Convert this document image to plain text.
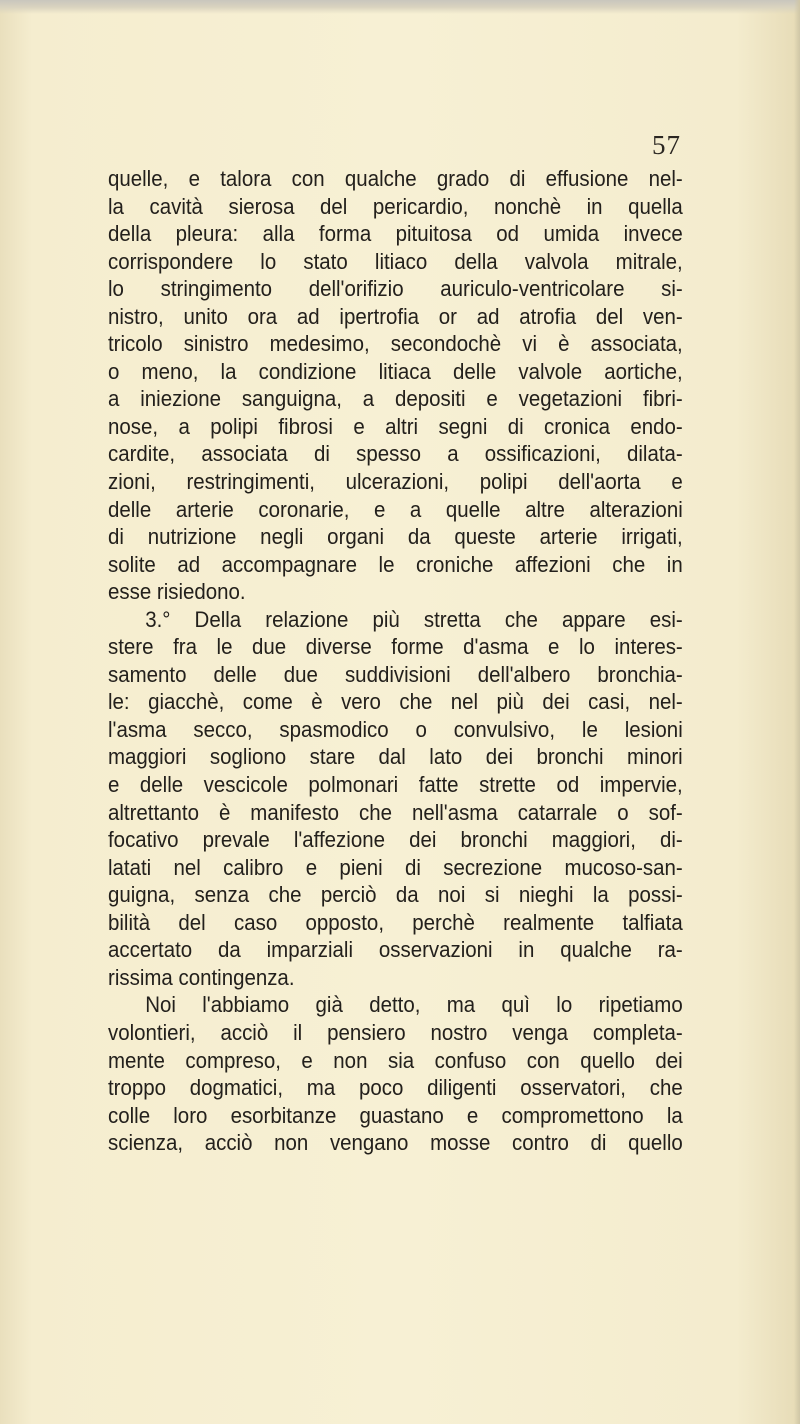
57
quelle, e talora con qualche grado di effusione nel-
la cavità sierosa del pericardio, nonchè in quella
della pleura: alla forma pituitosa od umida invece
corrispondere lo stato litiaco della valvola mitrale,
lo stringimento dell'orifizio auriculo-ventricolare si-
nistro, unito ora ad ipertrofia or ad atrofia del ven-
tricolo sinistro medesimo, secondochè vi è associata,
o meno, la condizione litiaca delle valvole aortiche,
a iniezione sanguigna, a depositi e vegetazioni fibri-
nose, a polipi fibrosi e altri segni di cronica endo-
cardite, associata di spesso a ossificazioni, dilata-
zioni, restringimenti, ulcerazioni, polipi dell'aorta e
delle arterie coronarie, e a quelle altre alterazioni
di nutrizione negli organi da queste arterie irrigati,
solite ad accompagnare le croniche affezioni che in
esse risiedono.
3.° Della relazione più stretta che appare esi-
stere fra le due diverse forme d'asma e lo interes-
samento delle due suddivisioni dell'albero bronchia-
le: giacchè, come è vero che nel più dei casi, nel-
l'asma secco, spasmodico o convulsivo, le lesioni
maggiori sogliono stare dal lato dei bronchi minori
e delle vescicole polmonari fatte strette od impervie,
altrettanto è manifesto che nell'asma catarrale o sof-
focativo prevale l'affezione dei bronchi maggiori, di-
latati nel calibro e pieni di secrezione mucoso-san-
guigna, senza che perciò da noi si nieghi la possi-
bilità del caso opposto, perchè realmente talfiata
accertato da imparziali osservazioni in qualche ra-
rissima contingenza.
Noi l'abbiamo già detto, ma quì lo ripetiamo
volontieri, acciò il pensiero nostro venga completa-
mente compreso, e non sia confuso con quello dei
troppo dogmatici, ma poco diligenti osservatori, che
colle loro esorbitanze guastano e compromettono la
scienza, acciò non vengano mosse contro di quello
